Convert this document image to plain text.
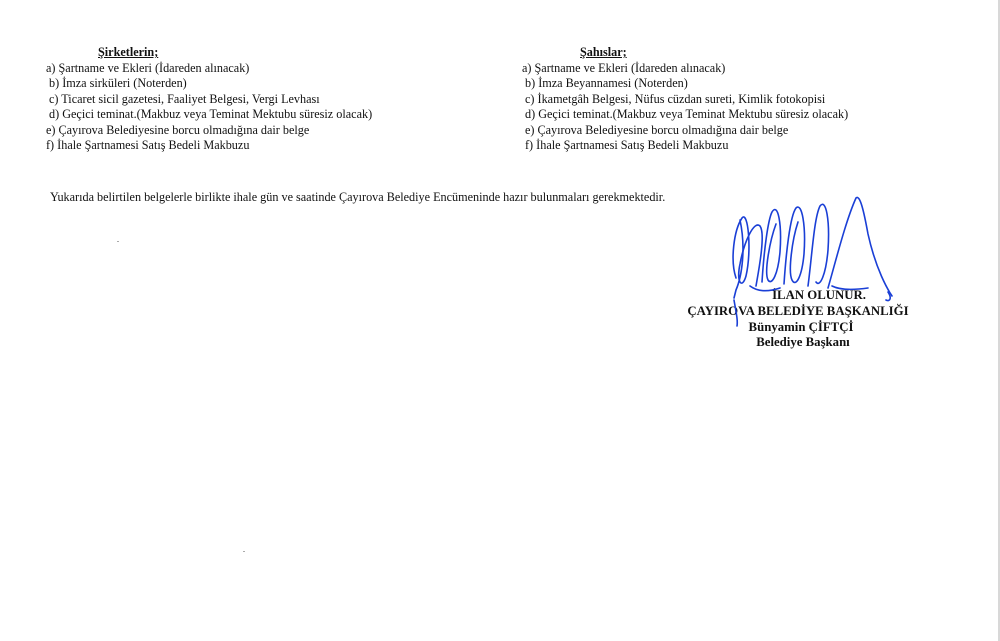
Şirketlerin;
a) Şartname ve Ekleri (İdareden alınacak)
b) İmza sirküleri (Noterden)
c) Ticaret sicil gazetesi, Faaliyet Belgesi, Vergi Levhası
d) Geçici teminat.(Makbuz veya Teminat Mektubu süresiz olacak)
e) Çayırova Belediyesine borcu olmadığına dair belge
f) İhale Şartnamesi Satış Bedeli Makbuzu
Şahıslar;
a) Şartname ve Ekleri (İdareden alınacak)
b) İmza Beyannamesi (Noterden)
c) İkametgâh Belgesi, Nüfus cüzdan sureti, Kimlik fotokopisi
d) Geçici teminat.(Makbuz veya Teminat Mektubu süresiz olacak)
e) Çayırova Belediyesine borcu olmadığına dair belge
f) İhale Şartnamesi Satış Bedeli Makbuzu
Yukarıda belirtilen belgelerle birlikte ihale gün ve saatinde Çayırova Belediye Encümeninde hazır bulunmaları gerekmektedir.
İLAN OLUNUR.
ÇAYIROVA BELEDİYE BAŞKANLIĞI
Bünyamin ÇİFTÇİ
Belediye Başkanı
